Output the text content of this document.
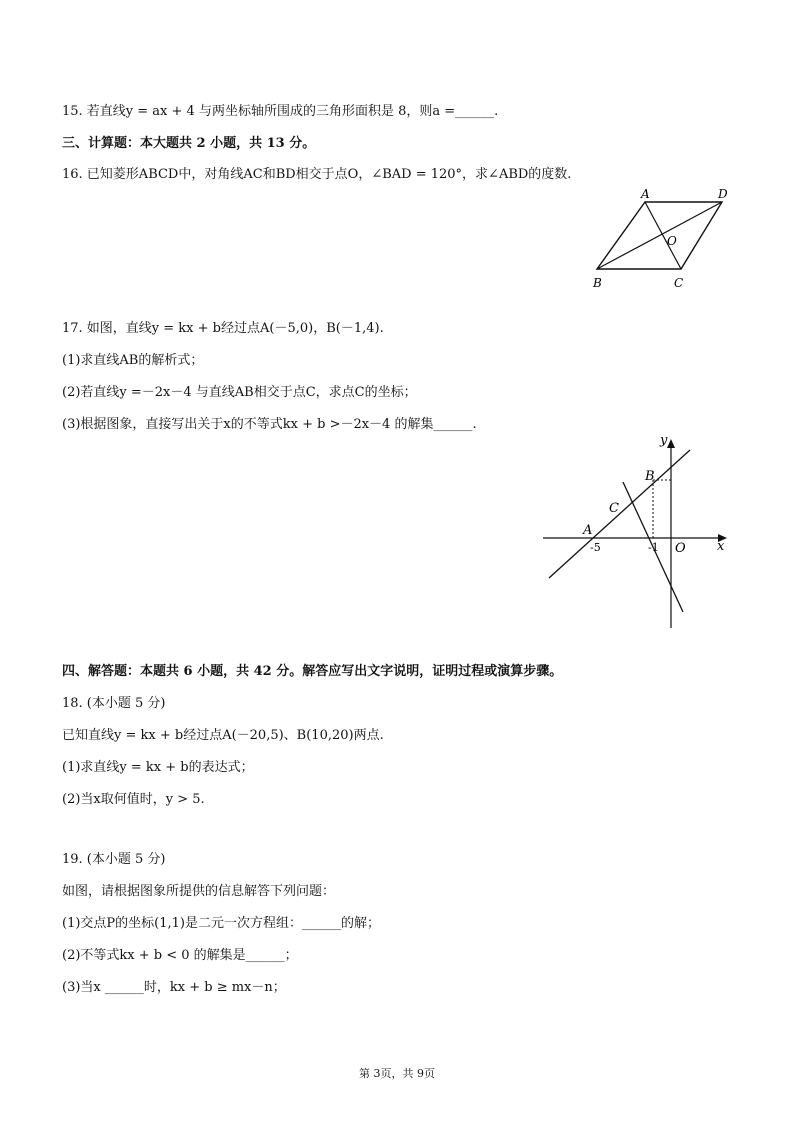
15. 若直线y = ax + 4 与两坐标轴所围成的三角形面积是 8，则a =______.
三、计算题：本大题共 2 小题，共 13 分。
16. 已知菱形ABCD中，对角线AC和BD相交于点O，∠BAD = 120°，求∠ABD的度数.
A	D
O
B	C
17. 如图，直线y = kx + b经过点A(－5,0)，B(－1,4).
(1)求直线AB的解析式；
(2)若直线y =－2x－4 与直线AB相交于点C，求点C的坐标；
(3)根据图象，直接写出关于x的不等式kx + b >－2x－4 的解集______.
y
x
B
C
A
-5	-1 O
四、解答题：本题共 6 小题，共 42 分。解答应写出文字说明，证明过程或演算步骤。
18. (本小题 5 分)
已知直线y = kx + b经过点A(－20,5)、B(10,20)两点.
(1)求直线y = kx + b的表达式；
(2)当x取何值时，y > 5.
19. (本小题 5 分)
如图，请根据图象所提供的信息解答下列问题：
(1)交点P的坐标(1,1)是二元一次方程组：______的解；
(2)不等式kx + b < 0 的解集是______；
(3)当x ______时，kx + b ≥ mx－n；
第 3页，共 9页
